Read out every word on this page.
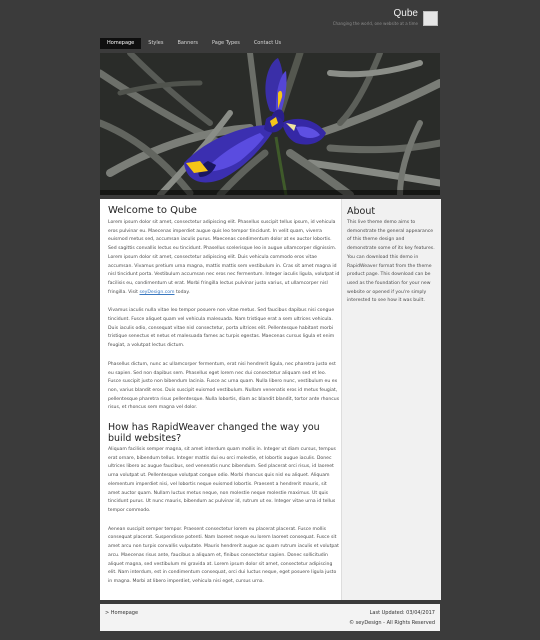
Qube
Changing the world, one website at a time
Homepage	Styles	Banners	Page Types	Contact Us
Welcome to Qube

Lorem ipsum dolor sit amet, consectetur adipiscing elit. Phasellus suscipit tellus ipsum, id vehicula eros pulvinar eu. Maecenas imperdiet augue quis leo tempor tincidunt. In velit quam, viverra euismod metus sed, accumsan iaculis purus. Maecenas condimentum dolor at ex auctor lobortis. Sed sagittis convallis lectus eu tincidunt. Phasellus scelerisque leo in augue ullamcorper dignissim. Lorem ipsum dolor sit amet, consectetur adipiscing elit. Duis vehicula commodo eros vitae accumsan. Vivamus pretium urna magna, mattis mattis sem vestibulum in. Cras sit amet magna id nisl tincidunt porta. Vestibulum accumsan nec eros nec fermentum. Integer iaculis ligula, volutpat id facilisis eu, condimentum ut erat. Morbi fringilla lectus pulvinar justo varius, ut ullamcorper nisl fringilla. Visit seyDesign.com today.

Vivamus iaculis nulla vitae leo tempor posuere non vitae metus. Sed faucibus dapibus nisi congue tincidunt. Fusce aliquet quam vel vehicula malesuada. Nam tristique erat a sem ultrices vehicula. Duis iaculis odio, consequat vitae nisl consectetur, porta ultrices elit. Pellentesque habitant morbi tristique senectus et netus et malesuada fames ac turpis egestas. Maecenas cursus ligula et enim feugiat, a volutpat lectus dictum.

Phasellus dictum, nunc ac ullamcorper fermentum, erat nisi hendrerit ligula, nec pharetra justo est eu sapien. Sed non dapibus sem. Phasellus eget lorem nec dui consectetur aliquam sed et leo. Fusce suscipit justo non bibendum lacinia. Fusce ac urna quam. Nulla libero nunc, vestibulum eu ex non, varius blandit eros. Duis suscipit euismod vestibulum. Nullam venenatis eros id metus feugiat, pellentesque pharetra risus pellentesque. Nulla lobortis, diam ac blandit blandit, tortor ante rhoncus risus, et rhoncus sem magna vel dolor.

How has RapidWeaver changed the way you build websites?

Aliquam facilisis semper magna, sit amet interdum quam mollis in. Integer ut diam cursus, tempus erat ornare, bibendum tellus. Integer mattis dui eu orci molestie, et lobortis augue iaculis. Donec ultrices libero ac augue faucibus, sed venenatis nunc bibendum. Sed placerat orci risus, id laoreet urna volutpat ut. Pellentesque volutpat congue odio. Morbi rhoncus quis nisl eu aliquet. Aliquam elementum imperdiet nisi, vel lobortis neque euismod lobortis. Praesent a hendrerit mauris, sit amet auctor quam. Nullam luctus metus neque, non molestie neque molestie maximus. Ut quis tincidunt purus. Ut nunc mauris, bibendum ac pulvinar id, rutrum ut ex. Integer vitae urna id tellus tempor commodo.

Aenean suscipit semper tempor. Praesent consectetur lorem eu placerat placerat. Fusce mollis consequat placerat. Suspendisse potenti. Nam laoreet neque eu lorem laoreet consequat. Fusce sit amet arcu non turpis convallis vulputate. Mauris hendrerit augue ac quam rutrum iaculis et volutpat arcu. Maecenas risus ante, faucibus a aliquam et, finibus consectetur sapien. Donec sollicitudin aliquet magna, sed vestibulum mi gravida at. Lorem ipsum dolor sit amet, consectetur adipiscing elit. Nam interdum, est in condimentum consequat, orci dui luctus neque, eget posuere ligula justo in magna. Morbi at libero imperdiet, vehicula nisi eget, cursus urna.

About

This live theme demo aims to demonstrate the general appearance of this theme design and demonstrate some of its key features. You can download this demo in RapidWeaver format from the theme product page. This download can be used as the foundation for your new website or opened if you're simply interested to see how it was built.

> Homepage	Last Updated: 03/04/2017
© seyDesign - All Rights Reserved
